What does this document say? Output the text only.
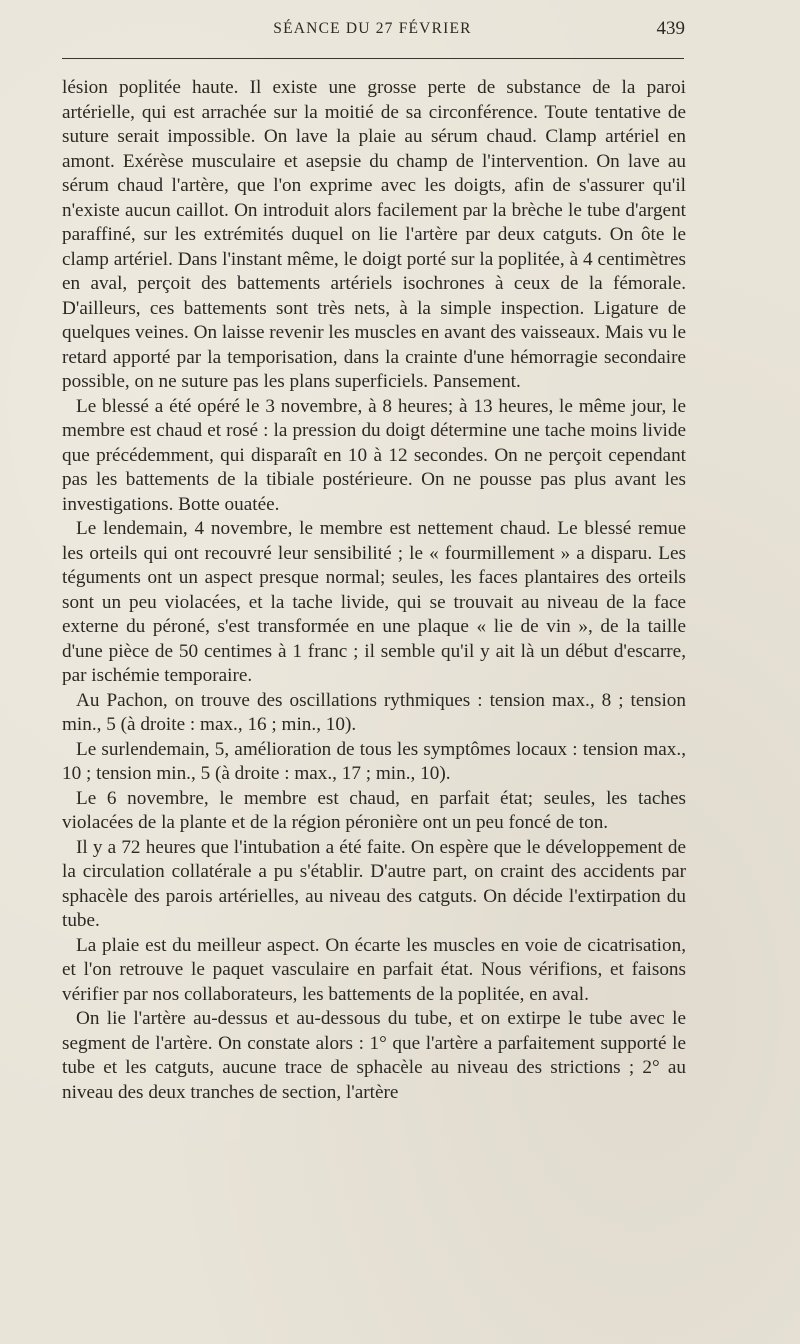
SÉANCE DU 27 FÉVRIER	439

lésion poplitée haute. Il existe une grosse perte de substance de la paroi artérielle, qui est arrachée sur la moitié de sa circonférence. Toute tentative de suture serait impossible. On lave la plaie au sérum chaud. Clamp artériel en amont. Exérèse musculaire et asepsie du champ de l'intervention. On lave au sérum chaud l'artère, que l'on exprime avec les doigts, afin de s'assurer qu'il n'existe aucun caillot. On introduit alors facilement par la brèche le tube d'argent paraffiné, sur les extrémités duquel on lie l'artère par deux catguts. On ôte le clamp artériel. Dans l'instant même, le doigt porté sur la poplitée, à 4 centimètres en aval, perçoit des battements artériels isochrones à ceux de la fémorale. D'ailleurs, ces battements sont très nets, à la simple inspection. Ligature de quelques veines. On laisse revenir les muscles en avant des vaisseaux. Mais vu le retard apporté par la temporisation, dans la crainte d'une hémorragie secondaire possible, on ne suture pas les plans superficiels. Pansement.

Le blessé a été opéré le 3 novembre, à 8 heures; à 13 heures, le même jour, le membre est chaud et rosé : la pression du doigt détermine une tache moins livide que précédemment, qui disparaît en 10 à 12 secondes. On ne perçoit cependant pas les battements de la tibiale postérieure. On ne pousse pas plus avant les investigations. Botte ouatée.

Le lendemain, 4 novembre, le membre est nettement chaud. Le blessé remue les orteils qui ont recouvré leur sensibilité ; le « fourmillement » a disparu. Les téguments ont un aspect presque normal; seules, les faces plantaires des orteils sont un peu violacées, et la tache livide, qui se trouvait au niveau de la face externe du péroné, s'est transformée en une plaque « lie de vin », de la taille d'une pièce de 50 centimes à 1 franc ; il semble qu'il y ait là un début d'escarre, par ischémie temporaire.

Au Pachon, on trouve des oscillations rythmiques : tension max., 8 ; tension min., 5 (à droite : max., 16 ; min., 10).

Le surlendemain, 5, amélioration de tous les symptômes locaux : tension max., 10 ; tension min., 5 (à droite : max., 17 ; min., 10).

Le 6 novembre, le membre est chaud, en parfait état; seules, les taches violacées de la plante et de la région péronière ont un peu foncé de ton.

Il y a 72 heures que l'intubation a été faite. On espère que le développement de la circulation collatérale a pu s'établir. D'autre part, on craint des accidents par sphacèle des parois artérielles, au niveau des catguts. On décide l'extirpation du tube.

La plaie est du meilleur aspect. On écarte les muscles en voie de cicatrisation, et l'on retrouve le paquet vasculaire en parfait état. Nous vérifions, et faisons vérifier par nos collaborateurs, les battements de la poplitée, en aval.

On lie l'artère au-dessus et au-dessous du tube, et on extirpe le tube avec le segment de l'artère. On constate alors : 1° que l'artère a parfaitement supporté le tube et les catguts, aucune trace de sphacèle au niveau des strictions ; 2° au niveau des deux tranches de section, l'artère
